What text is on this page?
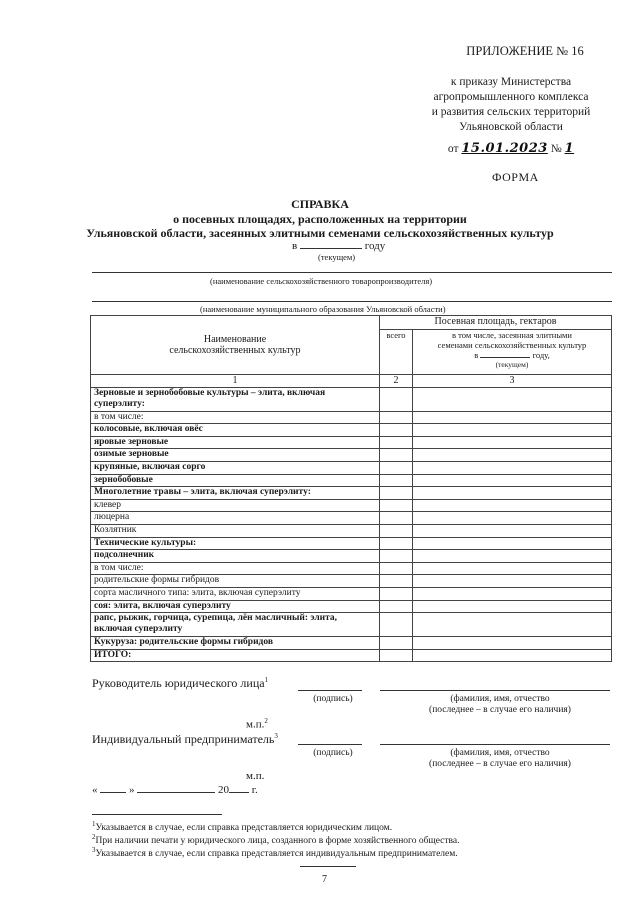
ПРИЛОЖЕНИЕ № 16
к приказу Министерства
агропромышленного комплекса
и развития сельских территорий
Ульяновской области
от 15.01.2023 № 1
ФОРМА
СПРАВКА
о посевных площадях, расположенных на территории
Ульяновской области, засеянных элитными семенами сельскохозяйственных культур
в	году
(текущем)
(наименование сельскохозяйственного товаропроизводителя)
(наименование муниципального образования Ульяновской области)
Наименование
сельскохозяйственных культур	Посевная площадь, гектаров	
	всего	в том числе, засеянная элитными
семенами сельскохозяйственных культур
в году,
(текущем)

1	2	3
Зерновые и зернобобовые культуры – элита, включая суперэлиту:		
в том числе:		
колосовые, включая овёс		
яровые зерновые		
озимые зерновые		
крупяные, включая сорго		
зернобобовые		
Многолетние травы – элита, включая суперэлиту:		
клевер		
люцерна		
Козлятник		
Технические культуры:		
подсолнечник		
в том числе:		
родительские формы гибридов		
сорта масличного типа: элита, включая суперэлиту		
соя: элита, включая суперэлиту		
рапс, рыжик, горчица, сурепица, лён масличный: элита, включая суперэлиту		
Кукуруза: родительские формы гибридов		
ИТОГО:		
Руководитель юридического лица$^1$
(подпись)	(фамилия, имя, отчество
(последнее – в случае его наличия)
м.п.$^2$
Индивидуальный предприниматель$^3$
(подпись)	(фамилия, имя, отчество
(последнее – в случае его наличия)
м.п.
«	»	20 г.
$^1$Указывается в случае, если справка представляется юридическим лицом.
$^2$При наличии печати у юридического лица, созданного в форме хозяйственного общества.
$^3$Указывается в случае, если справка представляется индивидуальным предпринимателем.
7
